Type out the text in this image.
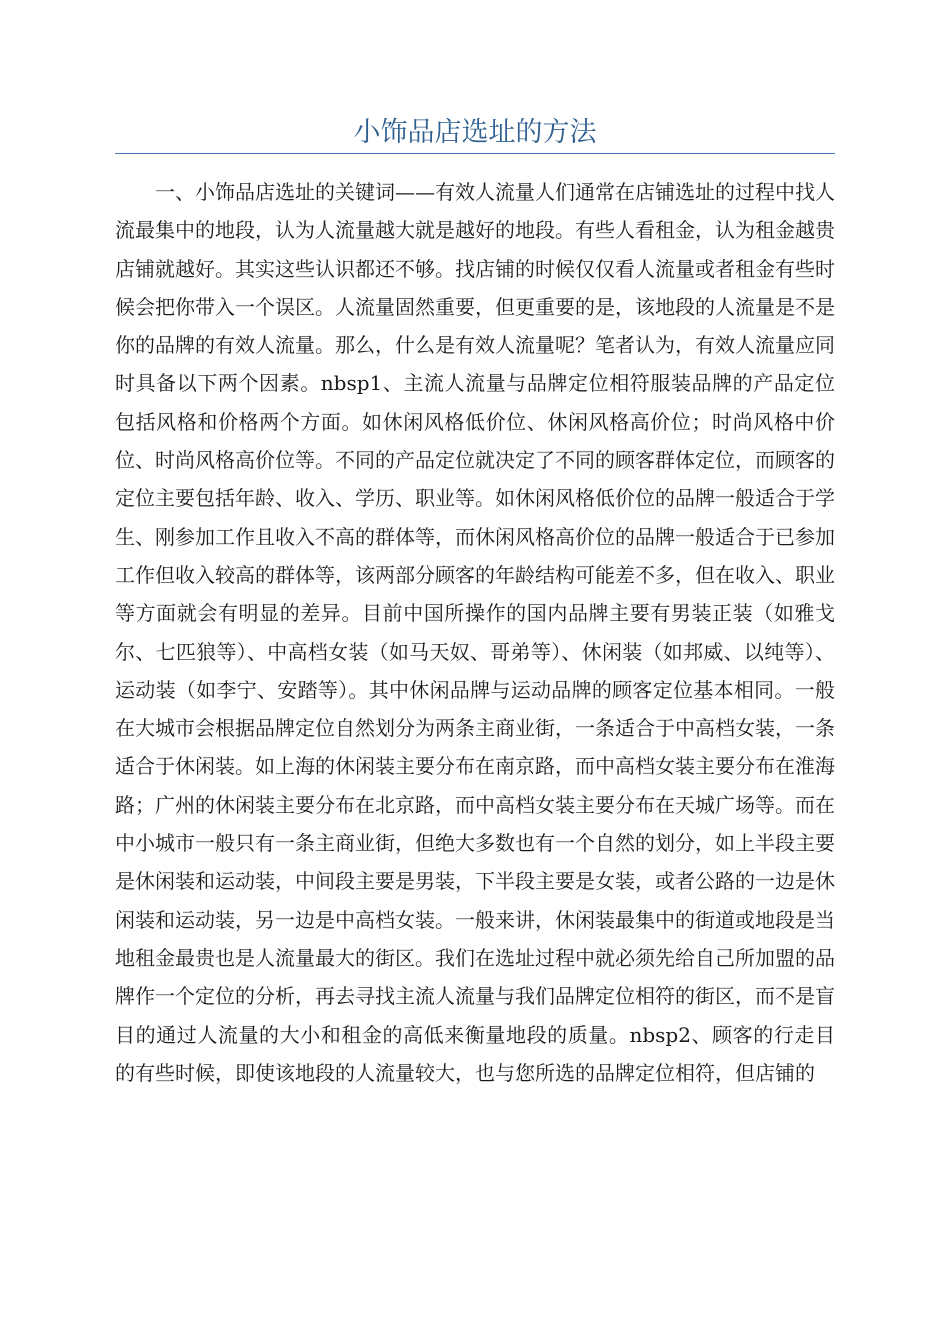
小饰品店选址的方法

一、小饰品店选址的关键词——有效人流量人们通常在店铺选址的过程中找人流最集中的地段，认为人流量越大就是越好的地段。有些人看租金，认为租金越贵店铺就越好。其实这些认识都还不够。找店铺的时候仅仅看人流量或者租金有些时候会把你带入一个误区。人流量固然重要，但更重要的是，该地段的人流量是不是你的品牌的有效人流量。那么，什么是有效人流量呢？笔者认为，有效人流量应同时具备以下两个因素。nbsp1、主流人流量与品牌定位相符服装品牌的产品定位包括风格和价格两个方面。如休闲风格低价位、休闲风格高价位；时尚风格中价位、时尚风格高价位等。不同的产品定位就决定了不同的顾客群体定位，而顾客的定位主要包括年龄、收入、学历、职业等。如休闲风格低价位的品牌一般适合于学生、刚参加工作且收入不高的群体等，而休闲风格高价位的品牌一般适合于已参加工作但收入较高的群体等，该两部分顾客的年龄结构可能差不多，但在收入、职业等方面就会有明显的差异。目前中国所操作的国内品牌主要有男装正装（如雅戈尔、七匹狼等）、中高档女装（如马天奴、哥弟等）、休闲装（如邦威、以纯等）、运动装（如李宁、安踏等）。其中休闲品牌与运动品牌的顾客定位基本相同。一般在大城市会根据品牌定位自然划分为两条主商业街，一条适合于中高档女装，一条适合于休闲装。如上海的休闲装主要分布在南京路，而中高档女装主要分布在淮海路；广州的休闲装主要分布在北京路，而中高档女装主要分布在天城广场等。而在中小城市一般只有一条主商业街，但绝大多数也有一个自然的划分，如上半段主要是休闲装和运动装，中间段主要是男装，下半段主要是女装，或者公路的一边是休闲装和运动装，另一边是中高档女装。一般来讲，休闲装最集中的街道或地段是当地租金最贵也是人流量最大的街区。我们在选址过程中就必须先给自己所加盟的品牌作一个定位的分析，再去寻找主流人流量与我们品牌定位相符的街区，而不是盲目的通过人流量的大小和租金的高低来衡量地段的质量。nbsp2、顾客的行走目的有些时候，即使该地段的人流量较大，也与您所选的品牌定位相符，但店铺的
